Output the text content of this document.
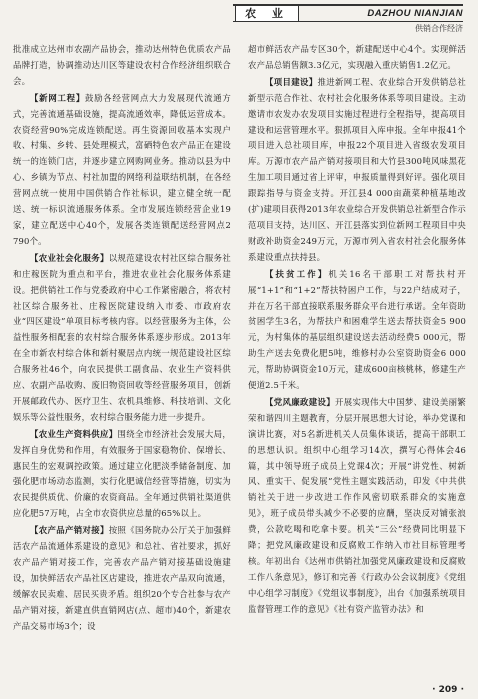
农 业	DAZHOU NIANJIAN
供销合作经济

批准成立达州市农副产品协会，推动达州特色优质农产品品牌打造，协调推动达川区等建设农村合作经济组织联合会。

【新网工程】鼓励各经营网点大力发展现代流通方式，完善流通基础设施，提高流通效率，降低运营成本。农资经营90%完成连锁配送。再生资源回收基本实现户收、村集、乡转、县处理模式，富硒特色农产品正在建设统一的连锁门店，并逐步建立网购网业务。推动以县为中心、乡镇为节点、村社加盟的网络利益联结机制，在各经营网点统一使用中国供销合作社标识，建立健全统一配送、统一标识流通服务体系。全市发展连锁经营企业19家，建立配送中心40个，发展各类连锁配送经营网点2 790个。

【农业社会化服务】以规范建设农村社区综合服务社和庄稼医院为重点和平台，推进农业社会化服务体系建设。把供销社工作与党委政府中心工作紧密融合，将农村社区综合服务社、庄稼医院建设纳入市委、市政府农业“四区建设”单项目标考核内容。以经营服务为主体，公益性服务相配套的农村综合服务体系逐步形成。2013年在全市新农村综合体和新村聚居点内统一规范建设社区综合服务社46个，向农民提供工副食品、农业生产资料供应、农副产品收购、废旧物资回收等经营服务项目，创新开展邮政代办、医疗卫生、农机具维修、科技培训、文化娱乐等公益性服务，农村综合服务能力进一步提升。

【农业生产资料供应】围绕全市经济社会发展大局，发挥自身优势和作用，有效服务于国家稳物价、保增长、惠民生的宏观调控政策。通过建立化肥淡季储备制度、加强化肥市场动态监测，实行化肥诚信经营等措施，切实为农民提供质优、价廉的农资商品。全年通过供销社渠道供应化肥57万吨，占全市农资供应总量的65%以上。

【农产品产销对接】按照《国务院办公厅关于加强鲜活农产品流通体系建设的意见》和总社、省社要求，抓好农产品产销对接工作，完善农产品产销对接基础设施建设，加快鲜活农产品社区店建设，推进农产品双向流通，缓解农民卖难、居民买贵矛盾。组织20个专合社参与农产品产销对接，新建直供直销网店(点、超市)40个，新建农产品交易市场3个；设

超市鲜活农产品专区30个，新建配送中心4个。实现鲜活农产品总销售额3.3亿元，实现融入重庆销售1.2亿元。

【项目建设】推进新网工程、农业综合开发供销总社新型示范合作社、农村社会化服务体系等项目建设。主动邀请市农发办农发项目实施过程进行全程指导，提高项目建设和运营管理水平。狠抓项目入库申报。全年申报41个项目进入总社项目库，申报22个项目进入省级农发项目库。万源市农产品产销对接项目和大竹县300吨风味黑花生加工项目通过省上评审，申报质量得到好评。强化项目跟踪指导与资金支持。开江县4 000亩蔬菜种植基地改(扩)建项目获得2013年农业综合开发供销总社新型合作示范项目支持，达川区、开江县落实到位新网工程项目中央财政补助资金249万元，万源市列入省农村社会化服务体系建设重点扶持县。

【扶贫工作】机关16名干部职工对帮扶村开展“1+1”和“1+2”帮扶特困户工作，与22户结成对子，并在万名干部直接联系服务群众平台进行承诺。全年资助贫困学生3名，为帮扶户和困难学生送去帮扶资金5 900元，为村集体的基层组织建设送去活动经费5 000元，帮助生产送去免费化肥5吨，维修村办公室资助资金6 000元，帮助协调资金10万元，建成600亩核桃林，修建生产便道2.5千米。

【党风廉政建设】开展实现伟大中国梦、建设美丽繁荣和谐四川主题教育，分层开展思想大讨论，举办党课和演讲比赛，对5名新进机关人员集体谈话，提高干部职工的思想认识。组织中心组学习14次，撰写心得体会46篇，其中领导班子成员上党课4次；开展“讲党性、树新风、重实干、促发展”党性主题实践活动，印发《中共供销社关于进一步改进工作作风密切联系群众的实施意见》，班子成员带头减少不必要的应酬，坚决反对铺张浪费，公款吃喝和吃拿卡要。机关“三公”经费同比明显下降；把党风廉政建设和反腐败工作纳入市社目标管理考核。年初出台《达州市供销社加强党风廉政建设和反腐败工作八条意见》，修订和完善《行政办公会议制度》《党组中心组学习制度》《党组议事制度》，出台《加强系统项目监督管理工作的意见》《社有资产监管办法》和

· 209 ·
